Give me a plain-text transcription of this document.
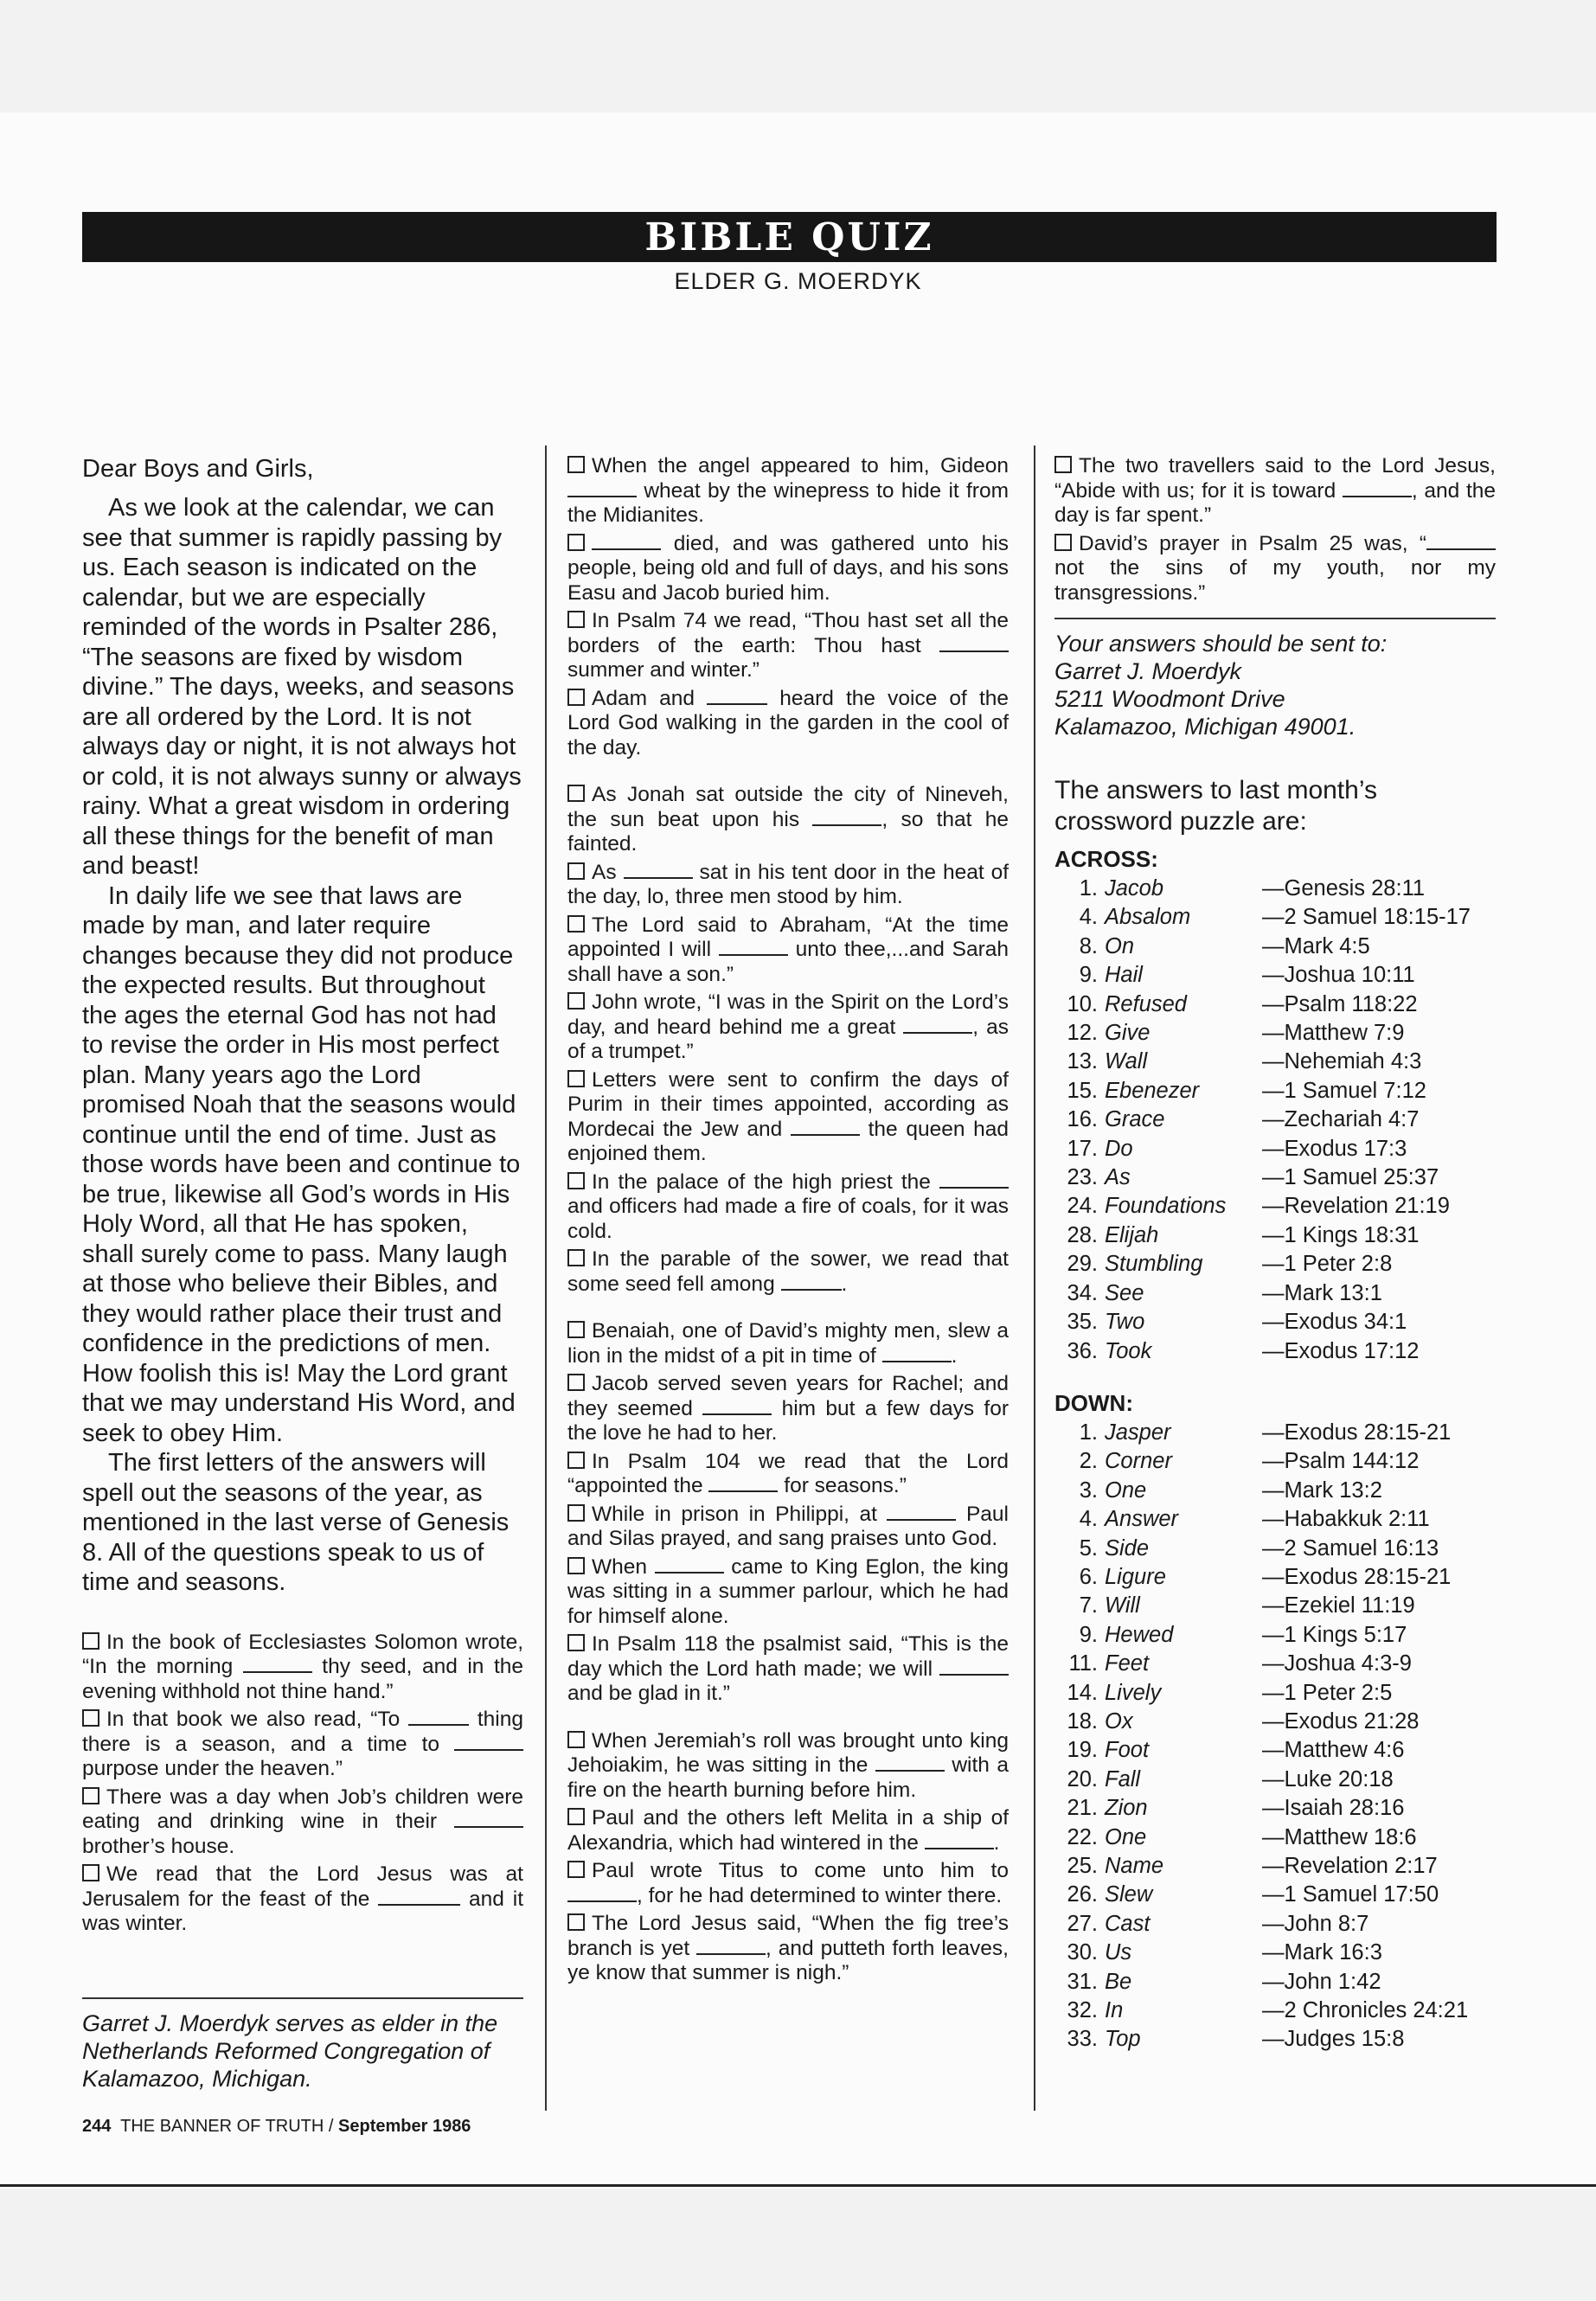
BIBLE QUIZ
ELDER G. MOERDYK
Dear Boys and Girls,

As we look at the calendar, we can see that summer is rapidly passing by us. Each season is indicated on the calendar, but we are especially reminded of the words in Psalter 286, “The seasons are fixed by wisdom divine.” The days, weeks, and seasons are all ordered by the Lord. It is not always day or night, it is not always hot or cold, it is not always sunny or always rainy. What a great wisdom in ordering all these things for the benefit of man and beast!

In daily life we see that laws are made by man, and later require changes because they did not produce the expected results. But throughout the ages the eternal God has not had to revise the order in His most perfect plan. Many years ago the Lord promised Noah that the seasons would continue until the end of time. Just as those words have been and continue to be true, likewise all God’s words in His Holy Word, all that He has spoken, shall surely come to pass. Many laugh at those who believe their Bibles, and they would rather place their trust and confidence in the predictions of men. How foolish this is! May the Lord grant that we may understand His Word, and seek to obey Him.

The first letters of the answers will spell out the seasons of the year, as mentioned in the last verse of Genesis 8. All of the questions speak to us of time and seasons.

In the book of Ecclesiastes Solomon wrote, “In the morning	thy seed, and in the evening withhold not thine hand.”

In that book we also read, “To	thing there is a season, and a time to  purpose under the heaven.”

There was a day when Job’s children were eating and drinking wine in their  brother’s house.

We read that the Lord Jesus was at Jerusalem for the feast of the	and it was winter.

Garret J. Moerdyk serves as elder in the Netherlands Reformed Congregation of Kalamazoo, Michigan.
244 THE BANNER OF TRUTH / September 1986

When the angel appeared to him, Gideon  wheat by the winepress to hide it from the Midianites.

died, and was gathered unto his people, being old and full of days, and his sons Easu and Jacob buried him.

In Psalm 74 we read, “Thou hast set all the borders of the earth: Thou hast  summer and winter.”

Adam and	heard the voice of the Lord God walking in the garden in the cool of the day.

As Jonah sat outside the city of Nineveh, the sun beat upon his	, so that he fainted.

As	sat in his tent door in the heat of the day, lo, three men stood by him.

The Lord said to Abraham, “At the time appointed I will	unto thee,...and Sarah shall have a son.”

John wrote, “I was in the Spirit on the Lord’s day, and heard behind me a great	, as of a trumpet.”

Letters were sent to confirm the days of Purim in their times appointed, according as Mordecai the Jew and	the queen had enjoined them.

In the palace of the high priest the  and officers had made a fire of coals, for it was cold.

In the parable of the sower, we read that some seed fell among	.

Benaiah, one of David’s mighty men, slew a lion in the midst of a pit in time of	.

Jacob served seven years for Rachel; and they seemed	him but a few days for the love he had to her.

In Psalm 104 we read that the Lord “appointed the	for seasons.”

While in prison in Philippi, at	Paul and Silas prayed, and sang praises unto God.

When	came to King Eglon, the king was sitting in a summer parlour, which he had for himself alone.

In Psalm 118 the psalmist said, “This is the day which the Lord hath made; we will  and be glad in it.”

When Jeremiah’s roll was brought unto king Jehoiakim, he was sitting in the	with a fire on the hearth burning before him.

Paul and the others left Melita in a ship of Alexandria, which had wintered in the	.

Paul wrote Titus to come unto him to , for he had determined to winter there.

The Lord Jesus said, “When the fig tree’s branch is yet	, and putteth forth leaves, ye know that summer is nigh.”

The two travellers said to the Lord Jesus, “Abide with us; for it is toward	, and the day is far spent.”

David’s prayer in Psalm 25 was, “ not the sins of my youth, nor my transgressions.”

Your answers should be sent to:
Garret J. Moerdyk
5211 Woodmont Drive
Kalamazoo, Michigan 49001.
The answers to last month’s crossword puzzle are:
ACROSS:
1. Jacob	—Genesis 28:11
4. Absalom	—2 Samuel 18:15-17
8. On	—Mark 4:5
9. Hail	—Joshua 10:11
10. Refused	—Psalm 118:22
12. Give	—Matthew 7:9
13. Wall	—Nehemiah 4:3
15. Ebenezer	—1 Samuel 7:12
16. Grace	—Zechariah 4:7
17. Do	—Exodus 17:3
23. As	—1 Samuel 25:37
24. Foundations	—Revelation 21:19
28. Elijah	—1 Kings 18:31
29. Stumbling	—1 Peter 2:8
34. See	—Mark 13:1
35. Two	—Exodus 34:1
36. Took	—Exodus 17:12
DOWN:
1. Jasper	—Exodus 28:15-21
2. Corner	—Psalm 144:12
3. One	—Mark 13:2
4. Answer	—Habakkuk 2:11
5. Side	—2 Samuel 16:13
6. Ligure	—Exodus 28:15-21
7. Will	—Ezekiel 11:19
9. Hewed	—1 Kings 5:17
11. Feet	—Joshua 4:3-9
14. Lively	—1 Peter 2:5
18. Ox	—Exodus 21:28
19. Foot	—Matthew 4:6
20. Fall	—Luke 20:18
21. Zion	—Isaiah 28:16
22. One	—Matthew 18:6
25. Name	—Revelation 2:17
26. Slew	—1 Samuel 17:50
27. Cast	—John 8:7
30. Us	—Mark 16:3
31. Be	—John 1:42
32. In	—2 Chronicles 24:21
33. Top	—Judges 15:8
